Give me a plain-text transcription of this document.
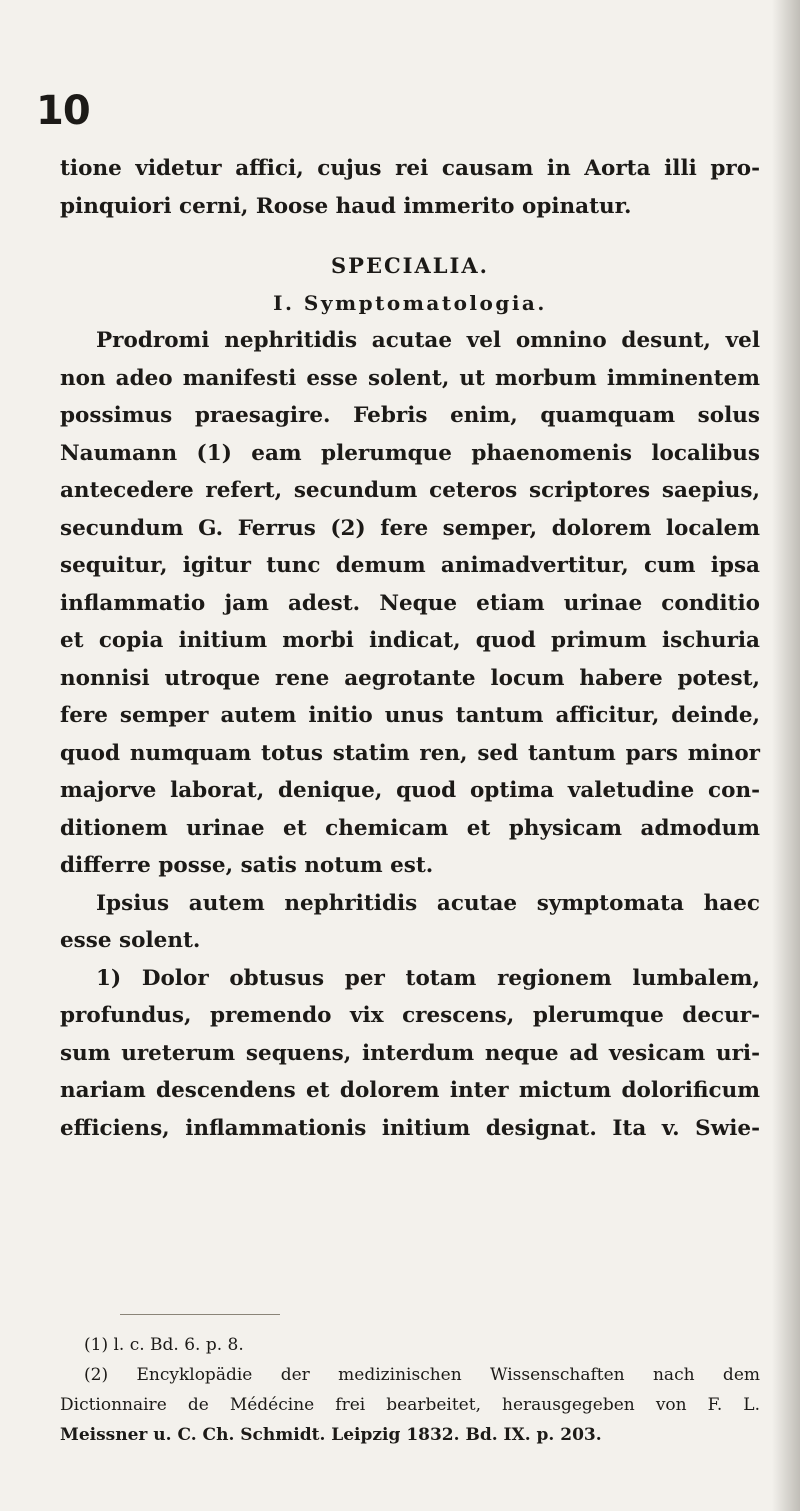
10
tione videtur affici, cujus rei causam in Aorta illi pro-
pinquiori cerni, Roose haud immerito opinatur.
SPECIALIA.
I. Symptomatologia.
Prodromi nephritidis acutae vel omnino desunt, vel
non adeo manifesti esse solent, ut morbum imminentem
possimus praesagire. Febris enim, quamquam solus
Naumann (1) eam plerumque phaenomenis localibus
antecedere refert, secundum ceteros scriptores saepius,
secundum G. Ferrus (2) fere semper, dolorem localem
sequitur, igitur tunc demum animadvertitur, cum ipsa
inflammatio jam adest. Neque etiam urinae conditio
et copia initium morbi indicat, quod primum ischuria
nonnisi utroque rene aegrotante locum habere potest,
fere semper autem initio unus tantum afficitur, deinde,
quod numquam totus statim ren, sed tantum pars minor
majorve laborat, denique, quod optima valetudine con-
ditionem urinae et chemicam et physicam admodum
differre posse, satis notum est.
Ipsius autem nephritidis acutae symptomata haec
esse solent.
1) Dolor obtusus per totam regionem lumbalem,
profundus, premendo vix crescens, plerumque decur-
sum ureterum sequens, interdum neque ad vesicam uri-
nariam descendens et dolorem inter mictum dolorificum
efficiens, inflammationis initium designat. Ita v. Swie-
(1) l. c. Bd. 6. p. 8.
(2) Encyklopädie der medizinischen Wissenschaften nach dem
Dictionnaire de Médécine frei bearbeitet, herausgegeben von F. L.
Meissner u. C. Ch. Schmidt. Leipzig 1832. Bd. IX. p. 203.
